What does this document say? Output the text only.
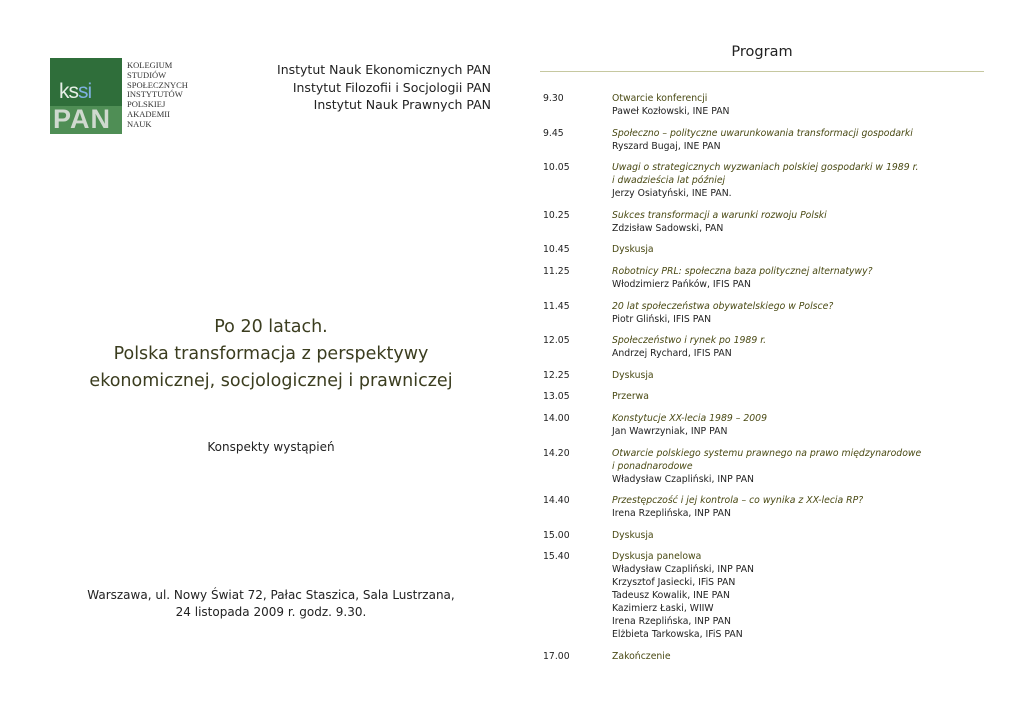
kssi
PAN
KOLEGIUM
STUDIÓW
SPOŁECZNYCH
INSTYTUTÓW
POLSKIEJ
AKADEMII
NAUK
Instytut Nauk Ekonomicznych PAN
Instytut Filozofii i Socjologii PAN
Instytut Nauk Prawnych PAN
Po 20 latach.
Polska transformacja z perspektywy
ekonomicznej, socjologicznej i prawniczej
Konspekty wystąpień
Warszawa, ul. Nowy Świat 72, Pałac Staszica, Sala Lustrzana,
24 listopada 2009 r. godz. 9.30.
Program
9.30	Otwarcie konferencji
Paweł Kozłowski, INE PAN
9.45	Społeczno – polityczne uwarunkowania transformacji gospodarki
Ryszard Bugaj, INE PAN
10.05	Uwagi o strategicznych wyzwaniach polskiej gospodarki w 1989 r.
i dwadzieścia lat później
Jerzy Osiatyński, INE PAN.
10.25	Sukces transformacji a warunki rozwoju Polski
Zdzisław Sadowski, PAN
10.45	Dyskusja
11.25	Robotnicy PRL: społeczna baza politycznej alternatywy?
Włodzimierz Pańków, IFIS PAN
11.45	20 lat społeczeństwa obywatelskiego w Polsce?
Piotr Gliński, IFIS PAN
12.05	Społeczeństwo i rynek po 1989 r.
Andrzej Rychard, IFIS PAN
12.25	Dyskusja
13.05	Przerwa
14.00	Konstytucje XX-lecia 1989 – 2009
Jan Wawrzyniak, INP PAN
14.20	Otwarcie polskiego systemu prawnego na prawo międzynarodowe
i ponadnarodowe
Władysław Czapliński, INP PAN
14.40	Przestępczość i jej kontrola – co wynika z XX-lecia RP?
Irena Rzeplińska, INP PAN
15.00	Dyskusja
15.40	Dyskusja panelowa
Władysław Czapliński, INP PAN
Krzysztof Jasiecki, IFiS PAN
Tadeusz Kowalik, INE PAN
Kazimierz Łaski, WIIW
Irena Rzeplińska, INP PAN
Elżbieta Tarkowska, IFiS PAN
17.00	Zakończenie
